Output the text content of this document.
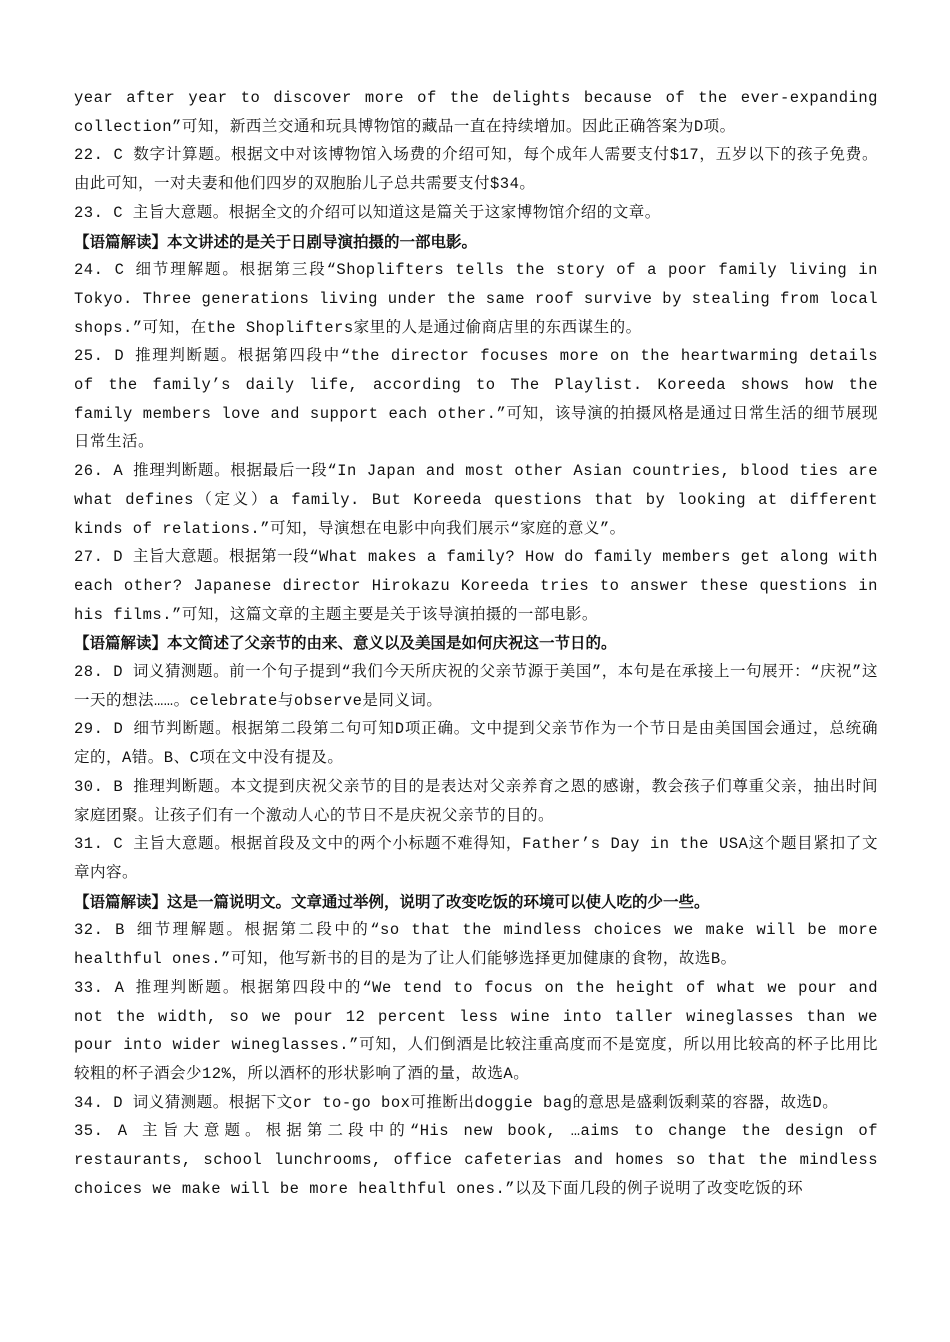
year after year to discover more of the delights because of the ever-expanding collection”可知，新西兰交通和玩具博物馆的藏品一直在持续增加。因此正确答案为D项。

22. C 数字计算题。根据文中对该博物馆入场费的介绍可知，每个成年人需要支付$17，五岁以下的孩子免费。由此可知，一对夫妻和他们四岁的双胞胎儿子总共需要支付$34。

23. C 主旨大意题。根据全文的介绍可以知道这是篇关于这家博物馆介绍的文章。

【语篇解读】本文讲述的是关于日剧导演拍摄的一部电影。

24. C 细节理解题。根据第三段“Shoplifters tells the story of a poor family living in Tokyo. Three generations living under the same roof survive by stealing from local shops.”可知，在the Shoplifters家里的人是通过偷商店里的东西谋生的。

25. D 推理判断题。根据第四段中“the director focuses more on the heartwarming details of the family’s daily life, according to The Playlist. Koreeda shows how the family members love and support each other.”可知，该导演的拍摄风格是通过日常生活的细节展现日常生活。

26. A 推理判断题。根据最后一段“In Japan and most other Asian countries, blood ties are what defines（定义）a family. But Koreeda questions that by looking at different kinds of relations.”可知，导演想在电影中向我们展示“家庭的意义”。

27. D 主旨大意题。根据第一段“What makes a family? How do family members get along with each other? Japanese director Hirokazu Koreeda tries to answer these questions in his films.”可知，这篇文章的主题主要是关于该导演拍摄的一部电影。

【语篇解读】本文简述了父亲节的由来、意义以及美国是如何庆祝这一节日的。

28. D 词义猜测题。前一个句子提到“我们今天所庆祝的父亲节源于美国”，本句是在承接上一句展开：“庆祝”这一天的想法……。celebrate与observe是同义词。

29. D 细节判断题。根据第二段第二句可知D项正确。文中提到父亲节作为一个节日是由美国国会通过，总统确定的，A错。B、C项在文中没有提及。

30. B 推理判断题。本文提到庆祝父亲节的目的是表达对父亲养育之恩的感谢，教会孩子们尊重父亲，抽出时间家庭团聚。让孩子们有一个激动人心的节日不是庆祝父亲节的目的。

31. C 主旨大意题。根据首段及文中的两个小标题不难得知，Father’s Day in the USA这个题目紧扣了文章内容。

【语篇解读】这是一篇说明文。文章通过举例，说明了改变吃饭的环境可以使人吃的少一些。

32. B 细节理解题。根据第二段中的“so that the mindless choices we make will be more healthful ones.”可知，他写新书的目的是为了让人们能够选择更加健康的食物，故选B。

33. A 推理判断题。根据第四段中的“We tend to focus on the height of what we pour and not the width, so we pour 12 percent less wine into taller wineglasses than we pour into wider wineglasses.”可知，人们倒酒是比较注重高度而不是宽度，所以用比较高的杯子比用比较粗的杯子酒会少12%，所以酒杯的形状影响了酒的量，故选A。

34. D 词义猜测题。根据下文or to-go box可推断出doggie bag的意思是盛剩饭剩菜的容器，故选D。

35. A 主旨大意题。根据第二段中的“His new book, …aims to change the design of restaurants, school lunchrooms, office cafeterias and homes so that the mindless choices we make will be more healthful ones.”以及下面几段的例子说明了改变吃饭的环
